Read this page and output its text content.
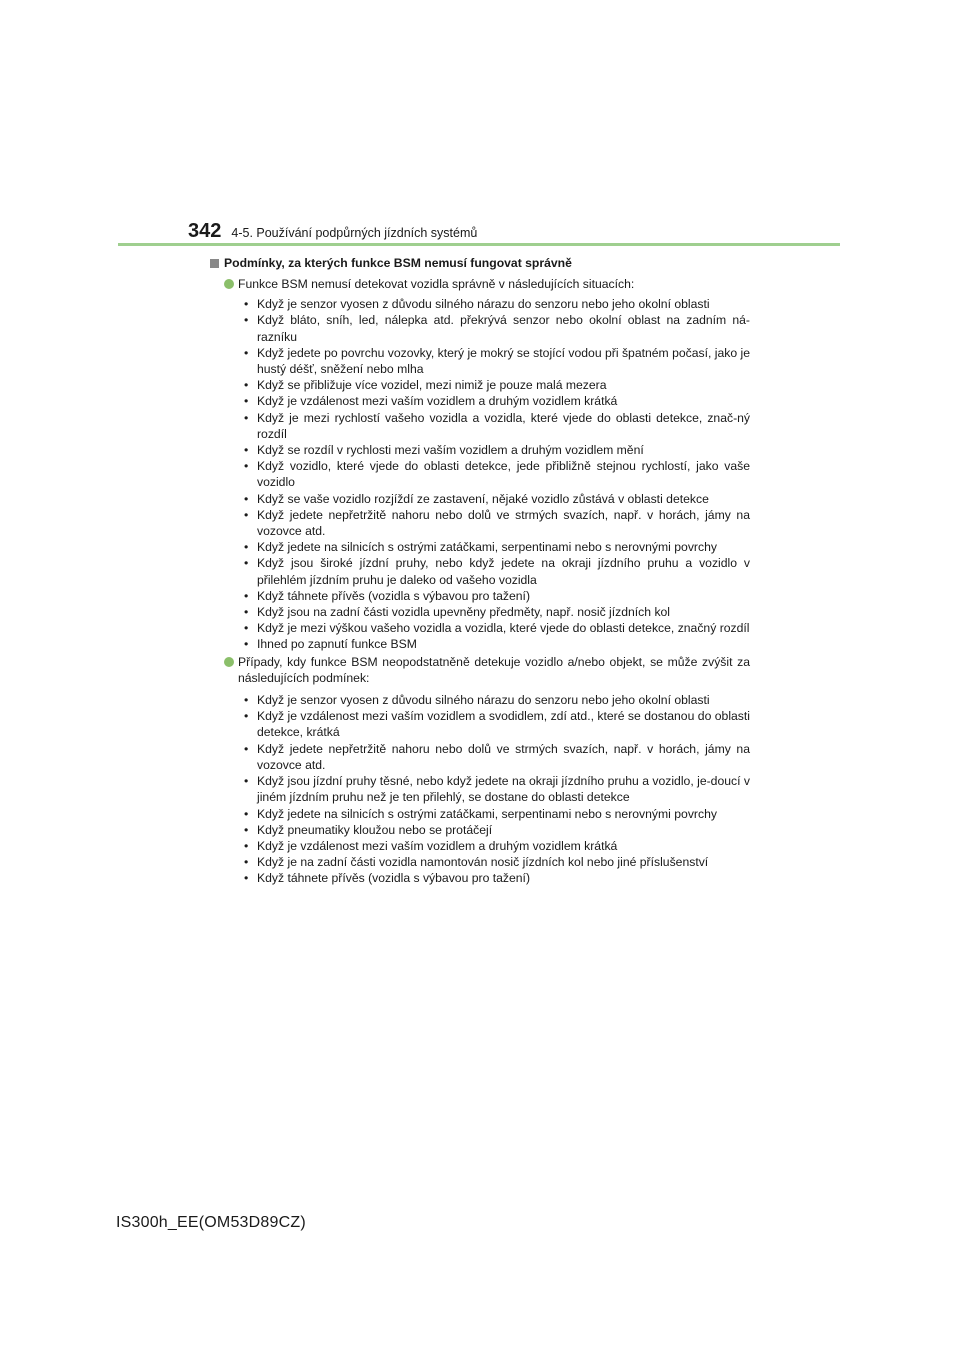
342 4-5. Používání podpůrných jízdních systémů
Podmínky, za kterých funkce BSM nemusí fungovat správně
Funkce BSM nemusí detekovat vozidla správně v následujících situacích:
• Když je senzor vyosen z důvodu silného nárazu do senzoru nebo jeho okolní oblasti
• Když bláto, sníh, led, nálepka atd. překrývá senzor nebo okolní oblast na zadním ná-razníku
• Když jedete po povrchu vozovky, který je mokrý se stojící vodou při špatném počasí, jako je hustý déšť, sněžení nebo mlha
• Když se přibližuje více vozidel, mezi nimiž je pouze malá mezera
• Když je vzdálenost mezi vaším vozidlem a druhým vozidlem krátká
• Když je mezi rychlostí vašeho vozidla a vozidla, které vjede do oblasti detekce, znač-ný rozdíl
• Když se rozdíl v rychlosti mezi vaším vozidlem a druhým vozidlem mění
• Když vozidlo, které vjede do oblasti detekce, jede přibližně stejnou rychlostí, jako vaše vozidlo
• Když se vaše vozidlo rozjíždí ze zastavení, nějaké vozidlo zůstává v oblasti detekce
• Když jedete nepřetržitě nahoru nebo dolů ve strmých svazích, např. v horách, jámy na vozovce atd.
• Když jedete na silnicích s ostrými zatáčkami, serpentinami nebo s nerovnými povrchy
• Když jsou široké jízdní pruhy, nebo když jedete na okraji jízdního pruhu a vozidlo v přilehlém jízdním pruhu je daleko od vašeho vozidla
• Když táhnete přívěs (vozidla s výbavou pro tažení)
• Když jsou na zadní části vozidla upevněny předměty, např. nosič jízdních kol
• Když je mezi výškou vašeho vozidla a vozidla, které vjede do oblasti detekce, značný rozdíl
• Ihned po zapnutí funkce BSM
Případy, kdy funkce BSM neopodstatněně detekuje vozidlo a/nebo objekt, se může zvýšit za následujících podmínek:
• Když je senzor vyosen z důvodu silného nárazu do senzoru nebo jeho okolní oblasti
• Když je vzdálenost mezi vaším vozidlem a svodidlem, zdí atd., které se dostanou do oblasti detekce, krátká
• Když jedete nepřetržitě nahoru nebo dolů ve strmých svazích, např. v horách, jámy na vozovce atd.
• Když jsou jízdní pruhy těsné, nebo když jedete na okraji jízdního pruhu a vozidlo, je-doucí v jiném jízdním pruhu než je ten přilehlý, se dostane do oblasti detekce
• Když jedete na silnicích s ostrými zatáčkami, serpentinami nebo s nerovnými povrchy
• Když pneumatiky kloužou nebo se protáčejí
• Když je vzdálenost mezi vaším vozidlem a druhým vozidlem krátká
• Když je na zadní části vozidla namontován nosič jízdních kol nebo jiné příslušenství
• Když táhnete přívěs (vozidla s výbavou pro tažení)
IS300h_EE(OM53D89CZ)
